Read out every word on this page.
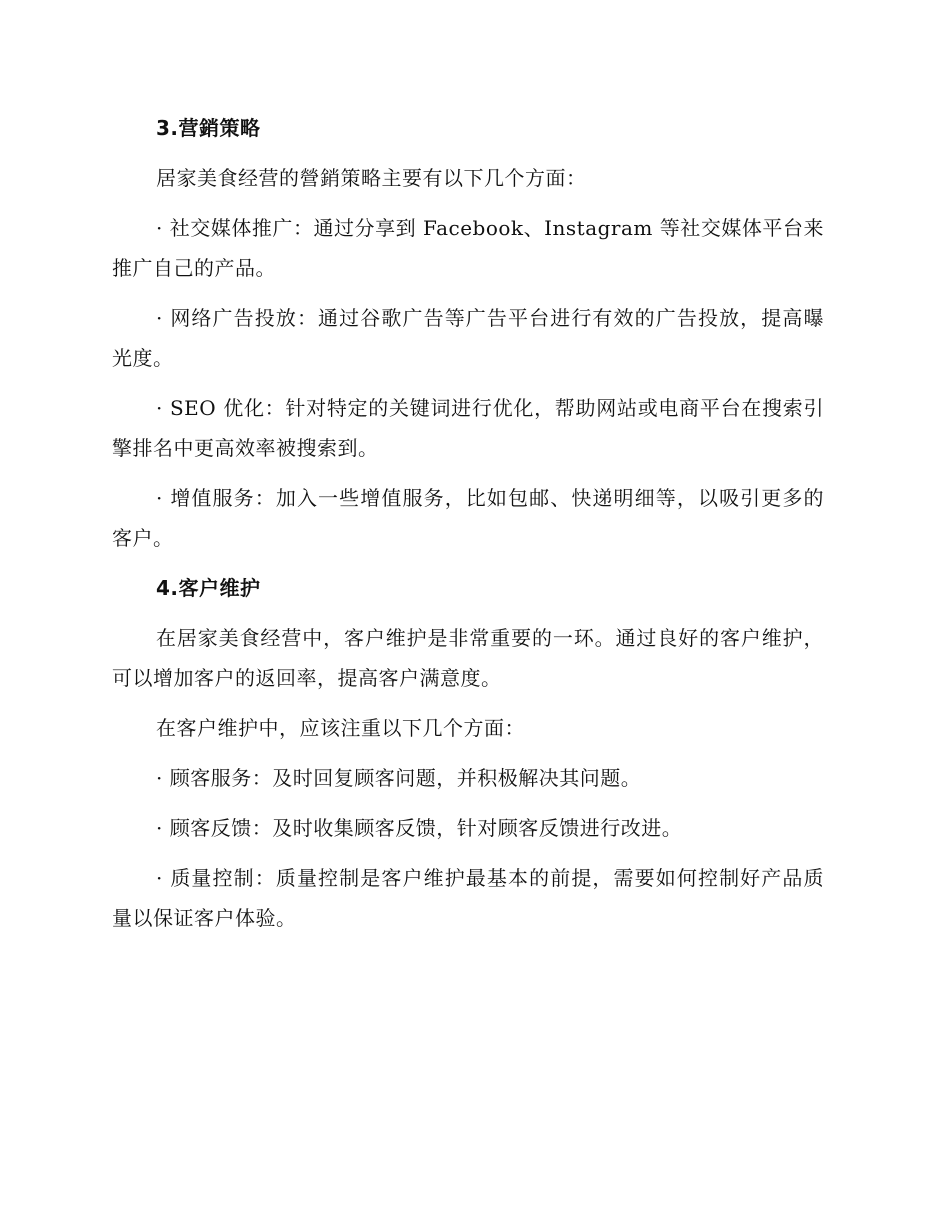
3.营銷策略

居家美食经营的營銷策略主要有以下几个方面：

· 社交媒体推广：通过分享到 Facebook、Instagram 等社交媒体平台来推广自己的产品。

· 网络广告投放：通过谷歌广告等广告平台进行有效的广告投放，提高曝光度。

· SEO 优化：针对特定的关键词进行优化，帮助网站或电商平台在搜索引擎排名中更高效率被搜索到。

· 增值服务：加入一些增值服务，比如包邮、快递明细等，以吸引更多的客户。

4.客户维护

在居家美食经营中，客户维护是非常重要的一环。通过良好的客户维护，可以增加客户的返回率，提高客户满意度。

在客户维护中，应该注重以下几个方面：

· 顾客服务：及时回复顾客问题，并积极解决其问题。

· 顾客反馈：及时收集顾客反馈，针对顾客反馈进行改进。

· 质量控制：质量控制是客户维护最基本的前提，需要如何控制好产品质量以保证客户体验。
